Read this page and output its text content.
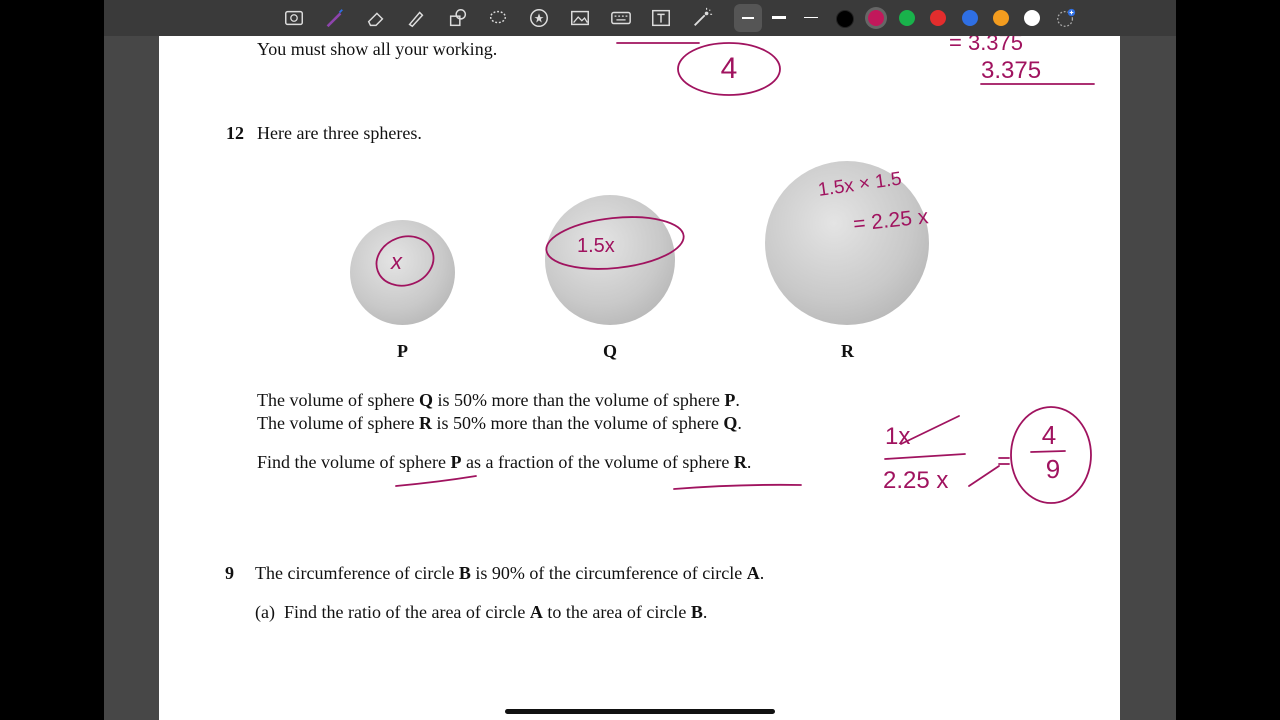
You must show all your working.
12 Here are three spheres.
P	Q	R
The volume of sphere Q is 50% more than the volume of sphere P.
The volume of sphere R is 50% more than the volume of sphere Q.
Find the volume of sphere P as a fraction of the volume of sphere R.
9 The circumference of circle B is 90% of the circumference of circle A.
(a) Find the ratio of the area of circle A to the area of circle B.
4
= 3.375
3.375
x
1.5x
1.5x × 1.5
= 2.25 x
1x
2.25 x
4
9
